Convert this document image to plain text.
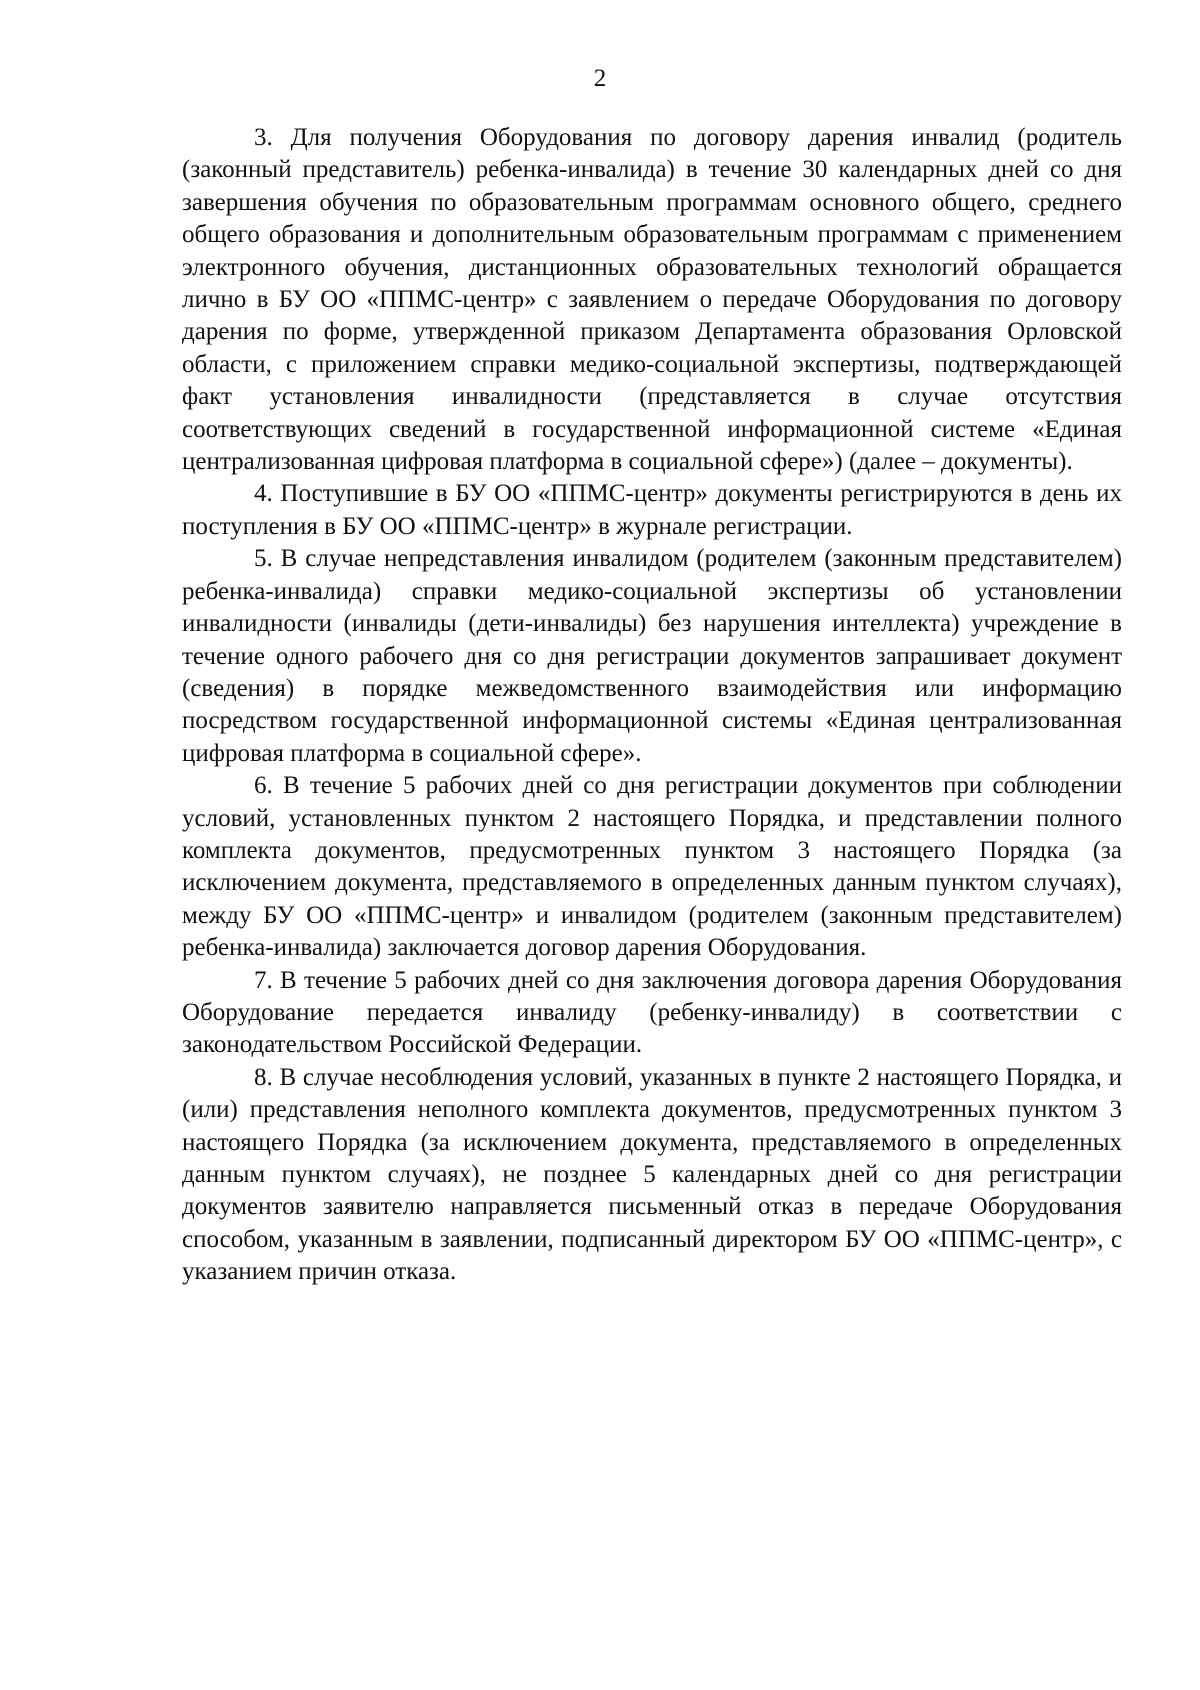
2

3. Для получения Оборудования по договору дарения инвалид (родитель (законный представитель) ребенка-инвалида) в течение 30 календарных дней со дня завершения обучения по образовательным программам основного общего, среднего общего образования и дополнительным образовательным программам с применением электронного обучения, дистанционных образовательных технологий обращается лично в БУ ОО «ППМС-центр» с заявлением о передаче Оборудования по договору дарения по форме, утвержденной приказом Департамента образования Орловской области, с приложением справки медико-социальной экспертизы, подтверждающей факт установления инвалидности (представляется в случае отсутствия соответствующих сведений в государственной информационной системе «Единая централизованная цифровая платформа в социальной сфере») (далее – документы).

4. Поступившие в БУ ОО «ППМС-центр» документы регистрируются в день их поступления в БУ ОО «ППМС-центр» в журнале регистрации.

5. В случае непредставления инвалидом (родителем (законным представителем) ребенка-инвалида) справки медико-социальной экспертизы об установлении инвалидности (инвалиды (дети-инвалиды) без нарушения интеллекта) учреждение в течение одного рабочего дня со дня регистрации документов запрашивает документ (сведения) в порядке межведомственного взаимодействия или информацию посредством государственной информационной системы «Единая централизованная цифровая платформа в социальной сфере».

6. В течение 5 рабочих дней со дня регистрации документов при соблюдении условий, установленных пунктом 2 настоящего Порядка, и представлении полного комплекта документов, предусмотренных пунктом 3 настоящего Порядка (за исключением документа, представляемого в определенных данным пунктом случаях), между БУ ОО «ППМС-центр» и инвалидом (родителем (законным представителем) ребенка-инвалида) заключается договор дарения Оборудования.

7. В течение 5 рабочих дней со дня заключения договора дарения Оборудования Оборудование передается инвалиду (ребенку-инвалиду) в соответствии с законодательством Российской Федерации.

8. В случае несоблюдения условий, указанных в пункте 2 настоящего Порядка, и (или) представления неполного комплекта документов, предусмотренных пунктом 3 настоящего Порядка (за исключением документа, представляемого в определенных данным пунктом случаях), не позднее 5 календарных дней со дня регистрации документов заявителю направляется письменный отказ в передаче Оборудования способом, указанным в заявлении, подписанный директором БУ ОО «ППМС-центр», с указанием причин отказа.
